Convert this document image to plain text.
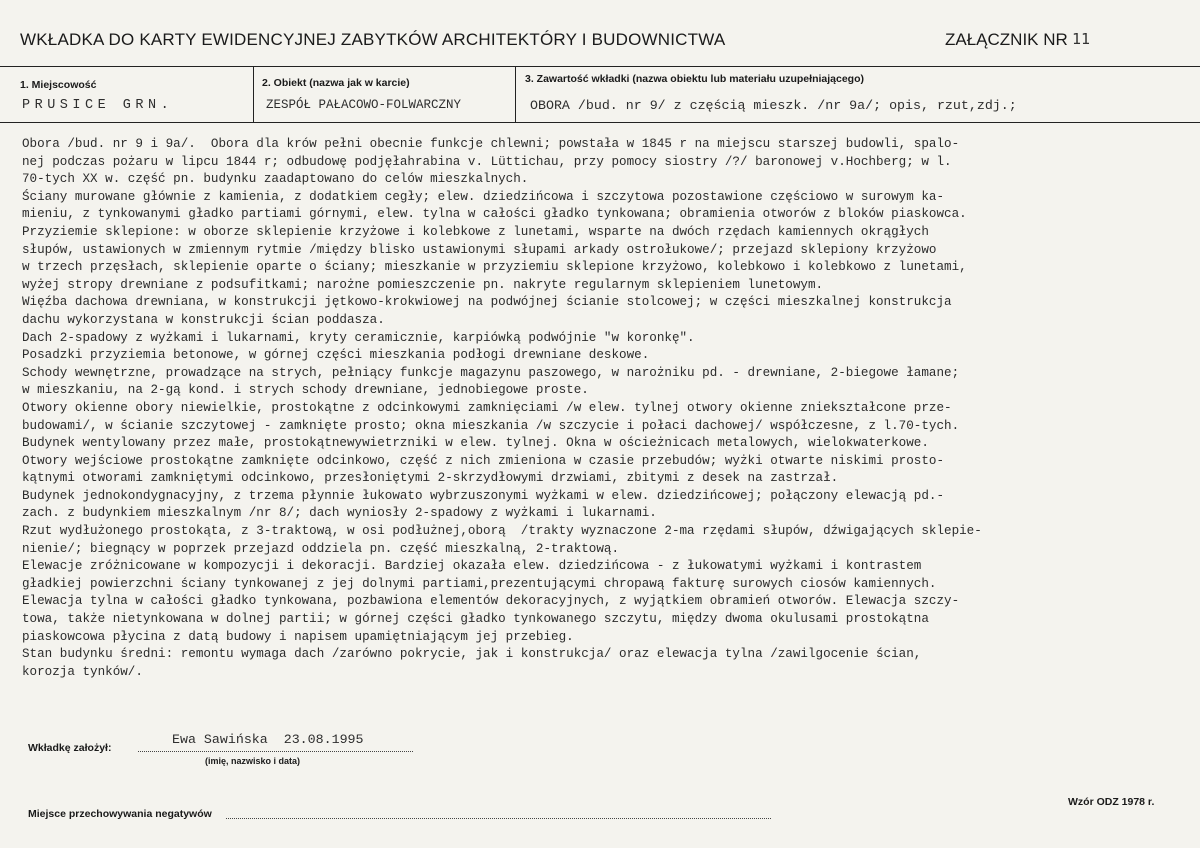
WKŁADKA DO KARTY EWIDENCYJNEJ ZABYTKÓW ARCHITEKTÓRY I BUDOWNICTWA	ZAŁĄCZNIK NR 11
1. Miejscowość
PRUSICE GRN.
2. Obiekt (nazwa jak w karcie)
ZESPÓŁ PAŁACOWO-FOLWARCZNY
3. Zawartość wkładki (nazwa obiektu lub materiału uzupełniającego)
OBORA /bud. nr 9/ z częścią mieszk. /nr 9a/; opis, rzut,zdj.;
Obora /bud. nr 9 i 9a/.  Obora dla krów pełni obecnie funkcje chlewni; powstała w 1845 r na miejscu starszej budowli, spalo-
nej podczas pożaru w lipcu 1844 r; odbudowę podjęłahrabina v. Lüttichau, przy pomocy siostry /?/ baronowej v.Hochberg; w l.
70-tych XX w. część pn. budynku zaadaptowano do celów mieszkalnych.
Ściany murowane głównie z kamienia, z dodatkiem cegły; elew. dziedzińcowa i szczytowa pozostawione częściowo w surowym ka-
mieniu, z tynkowanymi gładko partiami górnymi, elew. tylna w całości gładko tynkowana; obramienia otworów z bloków piaskowca.
Przyziemie sklepione: w oborze sklepienie krzyżowe i kolebkowe z lunetami, wsparte na dwóch rzędach kamiennych okrągłych
słupów, ustawionych w zmiennym rytmie /między blisko ustawionymi słupami arkady ostrołukowe/; przejazd sklepiony krzyżowo
w trzech przęsłach, sklepienie oparte o ściany; mieszkanie w przyziemiu sklepione krzyżowo, kolebkowo i kolebkowo z lunetami,
wyżej stropy drewniane z podsufitkami; narożne pomieszczenie pn. nakryte regularnym sklepieniem lunetowym.
Więźba dachowa drewniana, w konstrukcji jętkowo-krokwiowej na podwójnej ścianie stolcowej; w części mieszkalnej konstrukcja
dachu wykorzystana w konstrukcji ścian poddasza.
Dach 2-spadowy z wyżkami i lukarnami, kryty ceramicznie, karpiówką podwójnie "w koronkę".
Posadzki przyziemia betonowe, w górnej części mieszkania podłogi drewniane deskowe.
Schody wewnętrzne, prowadzące na strych, pełniący funkcje magazynu paszowego, w narożniku pd. - drewniane, 2-biegowe łamane;
w mieszkaniu, na 2-gą kond. i strych schody drewniane, jednobiegowe proste.
Otwory okienne obory niewielkie, prostokątne z odcinkowymi zamknięciami /w elew. tylnej otwory okienne zniekształcone prze-
budowami/, w ścianie szczytowej - zamknięte prosto; okna mieszkania /w szczycie i połaci dachowej/ współczesne, z l.70-tych.
Budynek wentylowany przez małe, prostokątnewywietrzniki w elew. tylnej. Okna w ościeżnicach metalowych, wielokwaterkowe.
Otwory wejściowe prostokątne zamknięte odcinkowo, część z nich zmieniona w czasie przebudów; wyżki otwarte niskimi prosto-
kątnymi otworami zamkniętymi odcinkowo, przesłoniętymi 2-skrzydłowymi drzwiami, zbitymi z desek na zastrzał.
Budynek jednokondygnacyjny, z trzema płynnie łukowato wybrzuszonymi wyżkami w elew. dziedzińcowej; połączony elewacją pd.-
zach. z budynkiem mieszkalnym /nr 8/; dach wyniosły 2-spadowy z wyżkami i lukarnami.
Rzut wydłużonego prostokąta, z 3-traktową, w osi podłużnej,oborą  /trakty wyznaczone 2-ma rzędami słupów, dźwigających sklepie-
nienie/; biegnący w poprzek przejazd oddziela pn. część mieszkalną, 2-traktową.
Elewacje zróżnicowane w kompozycji i dekoracji. Bardziej okazała elew. dziedzińcowa - z łukowatymi wyżkami i kontrastem
gładkiej powierzchni ściany tynkowanej z jej dolnymi partiami,prezentującymi chropawą fakturę surowych ciosów kamiennych.
Elewacja tylna w całości gładko tynkowana, pozbawiona elementów dekoracyjnych, z wyjątkiem obramień otworów. Elewacja szczy-
towa, także nietynkowana w dolnej partii; w górnej części gładko tynkowanego szczytu, między dwoma okulusami prostokątna
piaskowcowa płycina z datą budowy i napisem upamiętniającym jej przebieg.
Stan budynku średni: remontu wymaga dach /zarówno pokrycie, jak i konstrukcja/ oraz elewacja tylna /zawilgocenie ścian,
korozja tynków/.
Wkładkę założył:
Ewa Sawińska  23.08.1995
(imię, nazwisko i data)
Miejsce przechowywania negatywów
Wzór ODZ 1978 r.
